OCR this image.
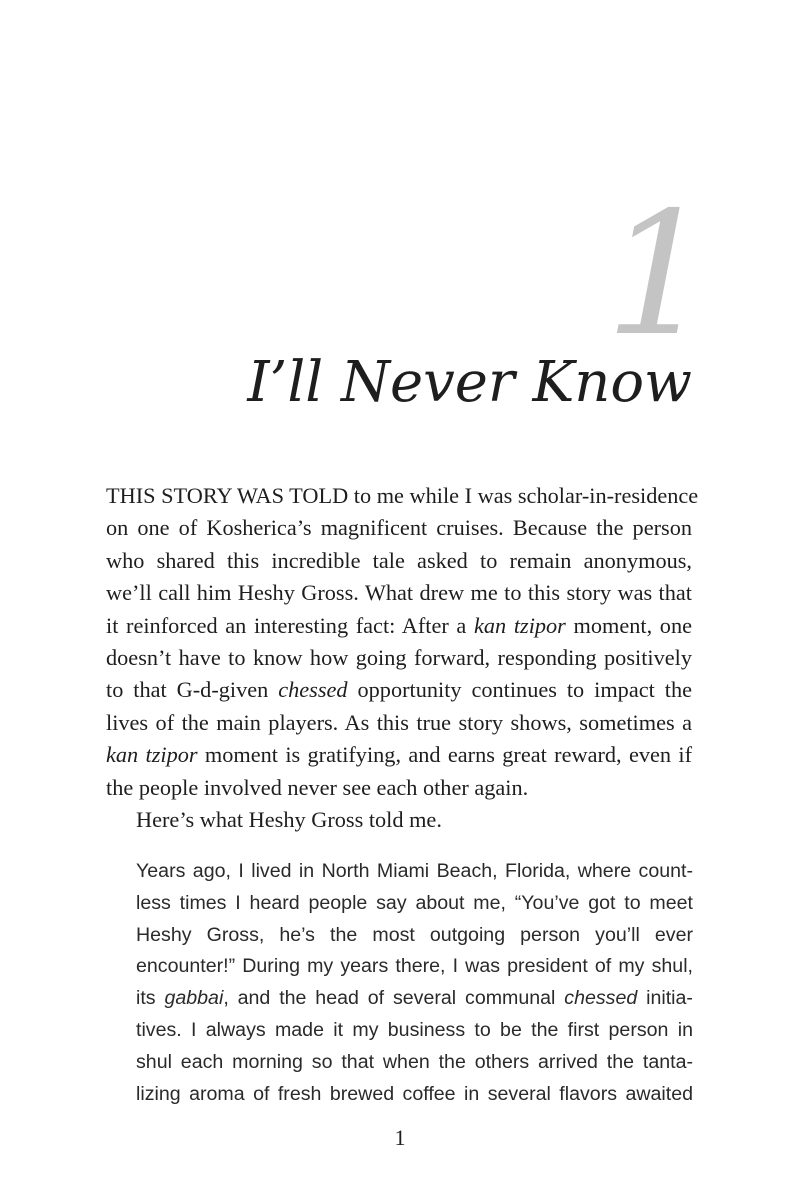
1
I’ll Never Know
THIS STORY WAS TOLD to me while I was scholar-in-residence
on one of Kosherica’s magnificent cruises. Because the person
who shared this incredible tale asked to remain anonymous,
we’ll call him Heshy Gross. What drew me to this story was that
it reinforced an interesting fact: After a kan tzipor moment, one
doesn’t have to know how going forward, responding positively
to that G-d-given chessed opportunity continues to impact the
lives of the main players. As this true story shows, sometimes a
kan tzipor moment is gratifying, and earns great reward, even if
the people involved never see each other again.
Here’s what Heshy Gross told me.
Years ago, I lived in North Miami Beach, Florida, where count-
less times I heard people say about me, “You’ve got to meet
Heshy Gross, he’s the most outgoing person you’ll ever
encounter!” During my years there, I was president of my shul,
its gabbai, and the head of several communal chessed initia-
tives. I always made it my business to be the first person in
shul each morning so that when the others arrived the tanta-
lizing aroma of fresh brewed coffee in several flavors awaited
1
